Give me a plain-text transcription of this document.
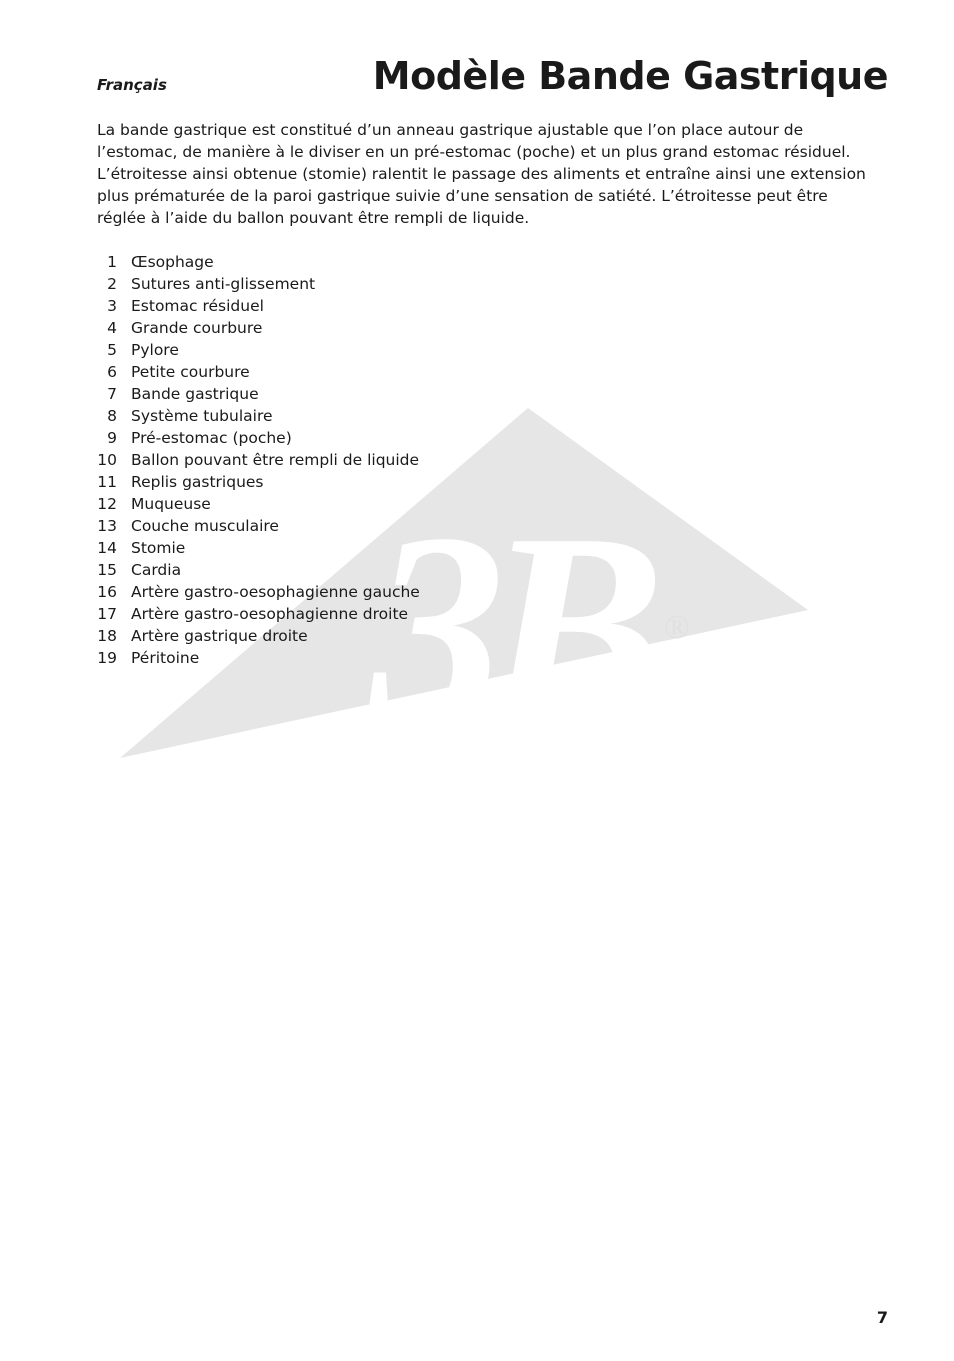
3B ®
Français	Modèle Bande Gastrique

La bande gastrique est constitué d’un anneau gastrique ajustable que l’on place autour de l’estomac, de manière à le diviser en un pré-estomac (poche) et un plus grand estomac résiduel. L’étroitesse ainsi obtenue (stomie) ralentit le passage des aliments et entraîne ainsi une extension plus prématurée de la paroi gastrique suivie d’une sensation de satiété. L’étroitesse peut être réglée à l’aide du ballon pouvant être rempli de liquide.

1 Œsophage
2 Sutures anti-glissement
3 Estomac résiduel
4 Grande courbure
5 Pylore
6 Petite courbure
7 Bande gastrique
8 Système tubulaire
9 Pré-estomac (poche)
10 Ballon pouvant être rempli de liquide
11 Replis gastriques
12 Muqueuse
13 Couche musculaire
14 Stomie
15 Cardia
16 Artère gastro-oesophagienne gauche
17 Artère gastro-oesophagienne droite
18 Artère gastrique droite
19 Péritoine
7
